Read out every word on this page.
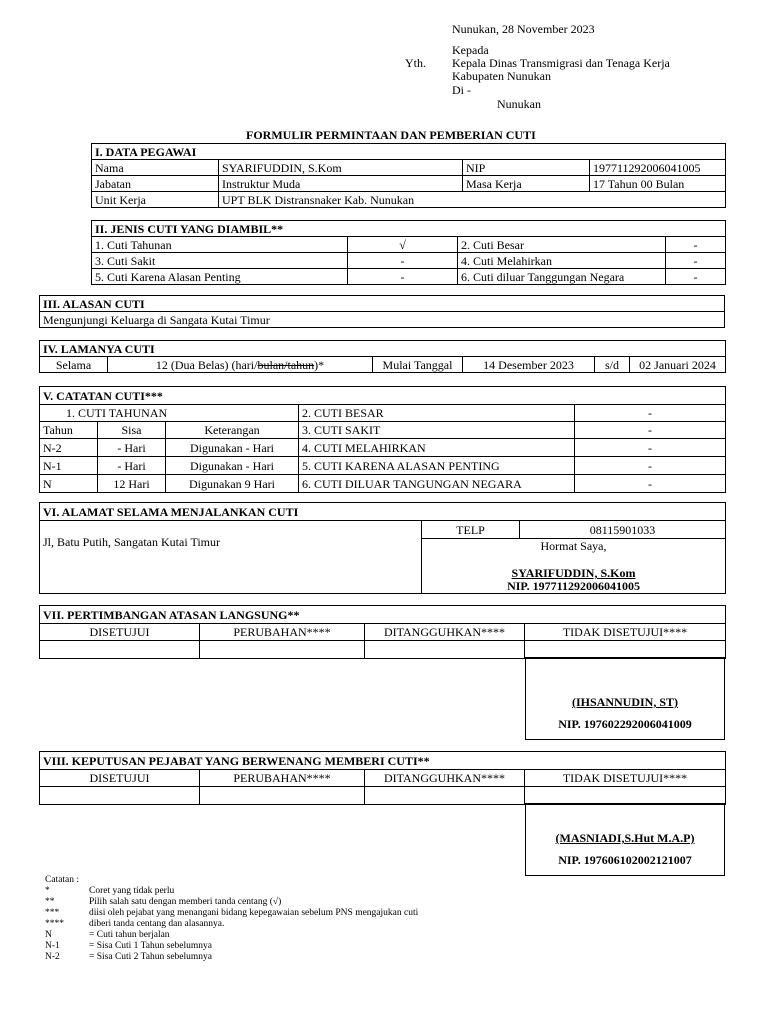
Nunukan, 28 November 2023
Kepada
Yth. Kepala Dinas Transmigrasi dan Tenaga Kerja
Kabupaten Nunukan
Di -
Nunukan
FORMULIR PERMINTAAN DAN PEMBERIAN CUTI
I. DATA PEGAWAI			
Nama	SYARIFUDDIN, S.Kom	NIP	197711292006041005
Jabatan	Instruktur Muda	Masa Kerja	17 Tahun 00 Bulan
Unit Kerja	UPT BLK Distransnaker Kab. Nunukan		
II. JENIS CUTI YANG DIAMBIL**			
1. Cuti Tahunan	√	2. Cuti Besar	-
3. Cuti Sakit	-	4. Cuti Melahirkan	-
5. Cuti Karena Alasan Penting	-	6. Cuti diluar Tanggungan Negara	-
III. ALASAN CUTI
Mengunjungi Keluarga di Sangata Kutai Timur
IV. LAMANYA CUTI
Selama	12 (Dua Belas) (hari/bulan/tahun)*	Mulai Tanggal	14 Desember 2023	s/d	02 Januari 2024
V. CATATAN CUTI***				
1. CUTI TAHUNAN			2. CUTI BESAR	-
Tahun	Sisa	Keterangan	3. CUTI SAKIT	-
N-2	- Hari	Digunakan - Hari	4. CUTI MELAHIRKAN	-
N-1	- Hari	Digunakan - Hari	5. CUTI KARENA ALASAN PENTING	-
N	12 Hari	Digunakan 9 Hari	6. CUTI DILUAR TANGUNGAN NEGARA	-
VI. ALAMAT SELAMA MENJALANKAN CUTI
Jl, Batu Putih, Sangatan Kutai Timur	TELP	08115901033

Hormat Saya,
SYARIFUDDIN, S.Kom
NIP. 197711292006041005
VII. PERTIMBANGAN ATASAN LANGSUNG**			
DISETUJUI	PERUBAHAN****	DITANGGUHKAN****	TIDAK DISETUJUI****

(IHSANNUDIN, ST)
NIP. 197602292006041009
VIII. KEPUTUSAN PEJABAT YANG BERWENANG MEMBERI CUTI**			
DISETUJUI	PERUBAHAN****	DITANGGUHKAN****	TIDAK DISETUJUI****

(MASNIADI,S.Hut M.A.P)
NIP. 197606102002121007
Catatan :
*	Coret yang tidak perlu
**	Pilih salah satu dengan memberi tanda centang (√)
***	diisi oleh pejabat yang menangani bidang kepegawaian sebelum PNS mengajukan cuti
****	diberi tanda centang dan alasannya.
N	= Cuti tahun berjalan
N-1	= Sisa Cuti 1 Tahun sebelumnya
N-2	= Sisa Cuti 2 Tahun sebelumnya
